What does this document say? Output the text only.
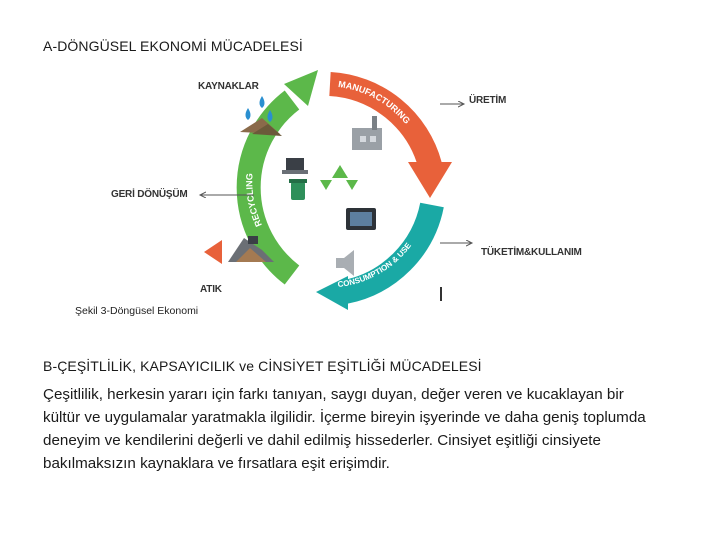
A-DÖNGÜSEL EKONOMİ MÜCADELESİ
MANUFACTURING
RECYCLING
CONSUMPTION & USE
KAYNAKLAR
ÜRETİM
GERİ DÖNÜŞÜM
TÜKETİM&KULLANIM
ATIK
Şekil 3-Döngüsel Ekonomi
B-ÇEŞİTLİLİK, KAPSAYICILIK ve CİNSİYET EŞİTLİĞİ MÜCADELESİ

Çeşitlilik, herkesin yararı için farkı tanıyan, saygı duyan, değer veren ve kucaklayan bir kültür ve uygulamalar yaratmakla ilgilidir. İçerme bireyin işyerinde ve daha geniş toplumda deneyim ve kendilerini değerli ve dahil edilmiş hissederler. Cinsiyet eşitliği cinsiyete bakılmaksızın kaynaklara ve fırsatlara eşit erişimdir.
